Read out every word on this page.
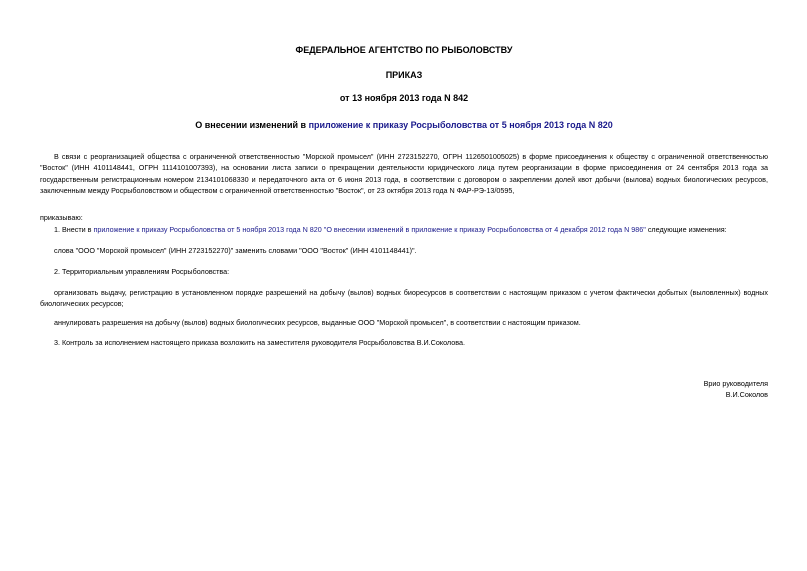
ФЕДЕРАЛЬНОЕ АГЕНТСТВО ПО РЫБОЛОВСТВУ
ПРИКАЗ
от 13 ноября 2013 года N 842
О внесении изменений в приложение к приказу Росрыболовства от 5 ноября 2013 года N 820
В связи с реорганизацией общества с ограниченной ответственностью "Морской промысел" (ИНН 2723152270, ОГРН 1126501005025) в форме присоединения к обществу с ограниченной ответственностью "Восток" (ИНН 4101148441, ОГРН 1114101007393), на основании листа записи о прекращении деятельности юридического лица путем реорганизации в форме присоединения от 24 сентября 2013 года за государственным регистрационным номером 2134101068330 и передаточного акта от 6 июня 2013 года, в соответствии с договором о закреплении долей квот добычи (вылова) водных биологических ресурсов, заключенным между Росрыболовством и обществом с ограниченной ответственностью "Восток", от 23 октября 2013 года N ФАР-РЭ-13/0595,
приказываю:
1. Внести в приложение к приказу Росрыболовства от 5 ноября 2013 года N 820 "О внесении изменений в приложение к приказу Росрыболовства от 4 декабря 2012 года N 986" следующие изменения:
слова "ООО "Морской промысел" (ИНН 2723152270)" заменить словами "ООО "Восток" (ИНН 4101148441)".
2. Территориальным управлениям Росрыболовства:
организовать выдачу, регистрацию в установленном порядке разрешений на добычу (вылов) водных биоресурсов в соответствии с настоящим приказом с учетом фактически добытых (выловленных) водных биологических ресурсов;
аннулировать разрешения на добычу (вылов) водных биологических ресурсов, выданные ООО "Морской промысел", в соответствии с настоящим приказом.
3. Контроль за исполнением настоящего приказа возложить на заместителя руководителя Росрыболовства В.И.Соколова.
Врио руководителя
В.И.Соколов
